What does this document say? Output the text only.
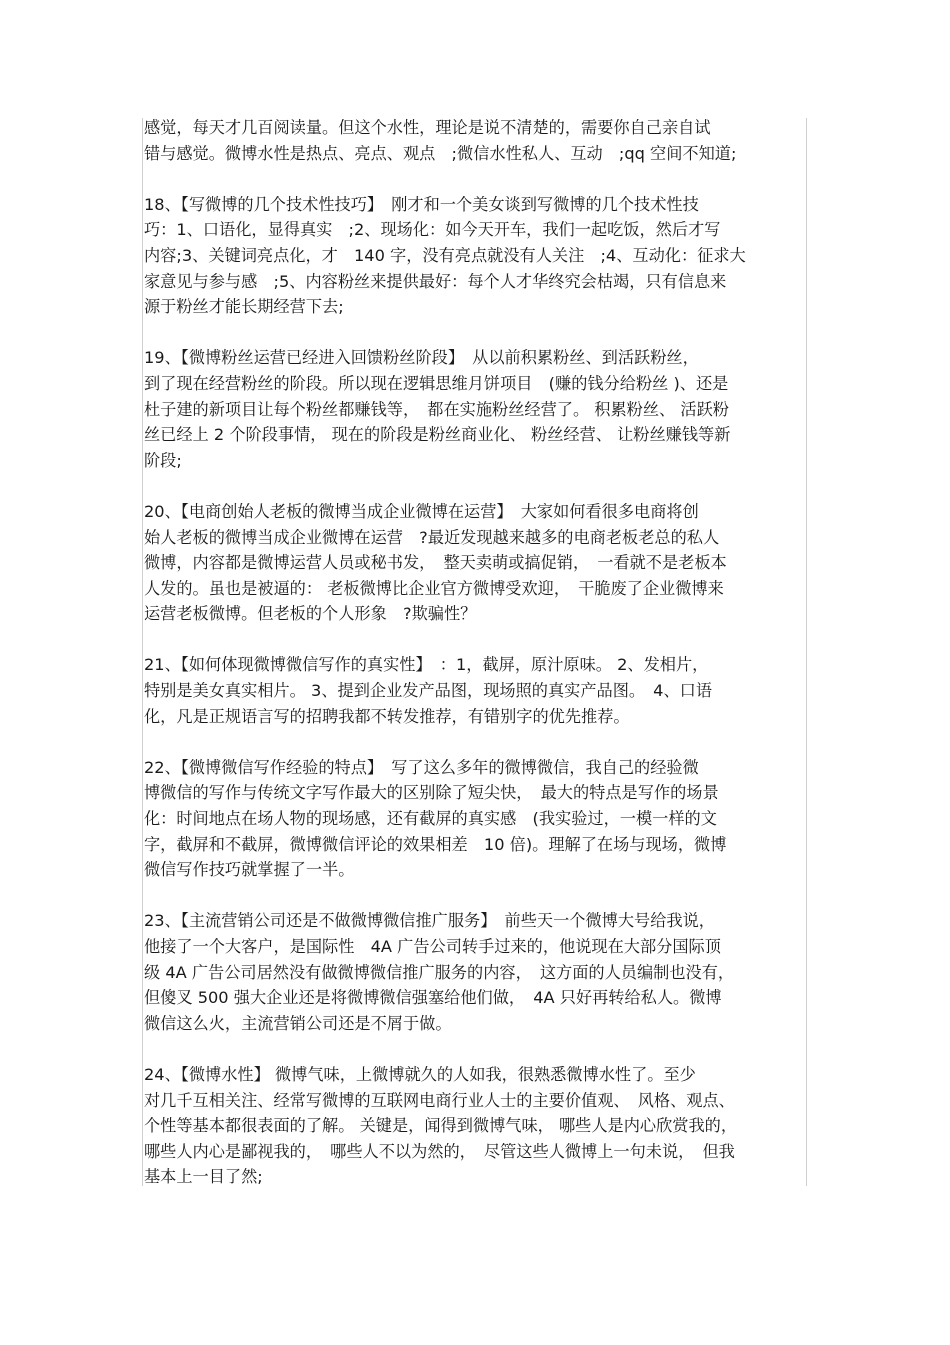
感觉，每天才几百阅读量。但这个水性，理论是说不清楚的，需要你自己亲自试
错与感觉。微博水性是热点、亮点、观点　;微信水性私人、互动　;qq 空间不知道;

18、【写微博的几个技术性技巧】　刚才和一个美女谈到写微博的几个技术性技
巧：1、口语化，显得真实　;2、现场化：如今天开车，我们一起吃饭，然后才写
内容;3、关键词亮点化，才　140 字，没有亮点就没有人关注　;4、互动化：征求大
家意见与参与感　;5、内容粉丝来提供最好：每个人才华终究会枯竭，只有信息来
源于粉丝才能长期经营下去;

19、【微博粉丝运营已经进入回馈粉丝阶段】　从以前积累粉丝、到活跃粉丝，
到了现在经营粉丝的阶段。所以现在逻辑思维月饼项目　(赚的钱分给粉丝 )、还是
杜子建的新项目让每个粉丝都赚钱等，　都在实施粉丝经营了。 积累粉丝、 活跃粉
丝已经上 2 个阶段事情， 现在的阶段是粉丝商业化、 粉丝经营、 让粉丝赚钱等新
阶段;

20、【电商创始人老板的微博当成企业微博在运营】　大家如何看很多电商将创
始人老板的微博当成企业微博在运营　?最近发现越来越多的电商老板老总的私人
微博，内容都是微博运营人员或秘书发，　整天卖萌或搞促销，　一看就不是老板本
人发的。虽也是被逼的： 老板微博比企业官方微博受欢迎，　干脆废了企业微博来
运营老板微博。但老板的个人形象　?欺骗性？

21、【如何体现微博微信写作的真实性】　：1，截屏，原汁原味。 2、发相片，
特别是美女真实相片。 3、提到企业发产品图，现场照的真实产品图。　4、口语
化，凡是正规语言写的招聘我都不转发推荐，有错别字的优先推荐。

22、【微博微信写作经验的特点】　写了这么多年的微博微信，我自己的经验微
博微信的写作与传统文字写作最大的区别除了短尖快，　最大的特点是写作的场景
化：时间地点在场人物的现场感，还有截屏的真实感　(我实验过，一模一样的文
字，截屏和不截屏，微博微信评论的效果相差　10 倍)。理解了在场与现场，微博
微信写作技巧就掌握了一半。

23、【主流营销公司还是不做微博微信推广服务】　前些天一个微博大号给我说，
他接了一个大客户，是国际性　4A 广告公司转手过来的，他说现在大部分国际顶
级 4A 广告公司居然没有做微博微信推广服务的内容，　这方面的人员编制也没有，
但傻叉 500 强大企业还是将微博微信强塞给他们做，　4A 只好再转给私人。微博
微信这么火，主流营销公司还是不屑于做。

24、【微博水性】 微博气味，上微博就久的人如我，很熟悉微博水性了。至少
对几千互相关注、经常写微博的互联网电商行业人士的主要价值观、　风格、观点、
个性等基本都很表面的了解。 关键是，闻得到微博气味， 哪些人是内心欣赏我的，
哪些人内心是鄙视我的，　哪些人不以为然的，　尽管这些人微博上一句未说，　但我
基本上一目了然;
